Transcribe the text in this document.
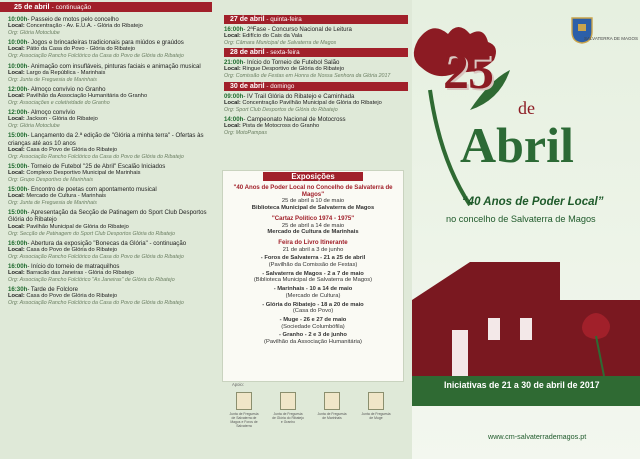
25 de abril - continuação
10:00h- Passeio de motos pelo concelho
Local: Concentração - Av. E.U.A. - Glória do Ribatejo
Org: Glória Motoclube
10:00h- Jogos e brincadeiras tradicionais para miúdos e graúdos
Local: Pátio da Casa do Povo - Glória do Ribatejo
Org: Associação Rancho Folclórico da Casa do Povo de Glória do Ribatejo
10:00h- Animação com insufláveis, pinturas faciais e animação musical
Local: Largo da República - Marinhais
Org: Junta de Freguesia de Marinhais
12:00h- Almoço convívio no Granho
Local: Pavilhão da Associação Humanitária do Granho
Org: Associações e coletividade do Granho
12:00h- Almoço convívio
Local: Jackson - Glória do Ribatejo
Org: Glória Motoclube
15:00h- Lançamento da 2.ª edição de "Glória a minha terra" - Ofertas às crianças até aos 10 anos
Local: Casa do Povo de Glória do Ribatejo
Org: Associação Rancho Folclórico da Casa do Povo de Glória do Ribatejo
15:00h- Torneio de Futebol "25 de Abril" Escalão Iniciados
Local: Complexo Desportivo Municipal de Marinhais
Org: Grupo Desportivo de Marinhais
15:00h- Encontro de poetas com apontamento musical
Local: Mercado de Cultura - Marinhais
Org: Junta de Freguesia de Marinhais
15:00h- Apresentação da Secção de Patinagem do Sport Club Desportos Glória do Ribatejo
Local: Pavilhão Municipal de Glória do Ribatejo
Org: Secção de Patinagem do Sport Club Desportos Glória do Ribatejo
16:00h- Abertura da exposição "Bonecas da Glória" - continuação
Local: Casa do Povo de Glória do Ribatejo
Org: Associação Rancho Folclórico da Casa do Povo de Glória do Ribatejo
16:00h- Início do torneio de matraquilhos
Local: Barracão das Janeiras - Glória do Ribatejo
Org: Associação Rancho Folclórico "As Janeiras" de Glória do Ribatejo
16:30h- Tarde de Folclore
Local: Casa do Povo de Glória do Ribatejo
Org: Associação Rancho Folclórico da Casa do Povo de Glória do Ribatejo
27 de abril - quinta-feira
16:00h- 2ªFase - Concurso Nacional de Leitura
Local: Edifício do Cais da Vala
Org: Câmara Municipal de Salvaterra de Magos
28 de abril - sexta-feira
21:00h- Início do Torneio de Futebol Salão
Local: Ringue Desportivo de Glória do Ribatejo
Org: Comissão de Festas em Honra de Nossa Senhora da Glória 2017
30 de abril - domingo
09:00h- IV Trail Glória do Ribatejo e Caminhada
Local: Concentração Pavilhão Municipal de Glória do Ribatejo
Org: Sport Club Desportos de Glória do Ribatejo
14:00h- Campeonato Nacional de Motocross
Local: Pista de Motocross do Granho
Org: MotoPampas
Exposições
"40 Anos de Poder Local no Concelho de Salvaterra de Magos"
25 de abril a 10 de maio
Biblioteca Municipal de Salvaterra de Magos
"Cartaz Político 1974 - 1975"
25 de abril a 14 de maio
Mercado de Cultura de Marinhais
Feira do Livro Itinerante
21 de abril a 3 de junho
- Foros de Salvaterra - 21 a 25 de abril
(Pavilhão da Comissão de Festas)
- Salvaterra de Magos - 2 a 7 de maio
(Biblioteca Municipal de Salvaterra de Magos)
- Marinhais - 10 a 14 de maio
(Mercado de Cultura)
- Glória do Ribatejo - 18 a 20 de maio
(Casa do Povo)
- Muge - 26 e 27 de maio
(Sociedade Columbófila)
- Granho - 2 e 3 de junho
(Pavilhão da Associação Humanitária)
Apoio:
Junta de Freguesia de Salvaterra de Magos e Foros de Salvaterra
Junta de Freguesia de Glória do Ribatejo e Granho
Junta de Freguesia de Marinhais
Junta de Freguesia de Muge
SALVATERRA DE MAGOS
25
de
Abril
“40 Anos de Poder Local”
no concelho de Salvaterra de Magos
Iniciativas de 21 a 30 de abril de 2017
www.cm-salvaterrademagos.pt
